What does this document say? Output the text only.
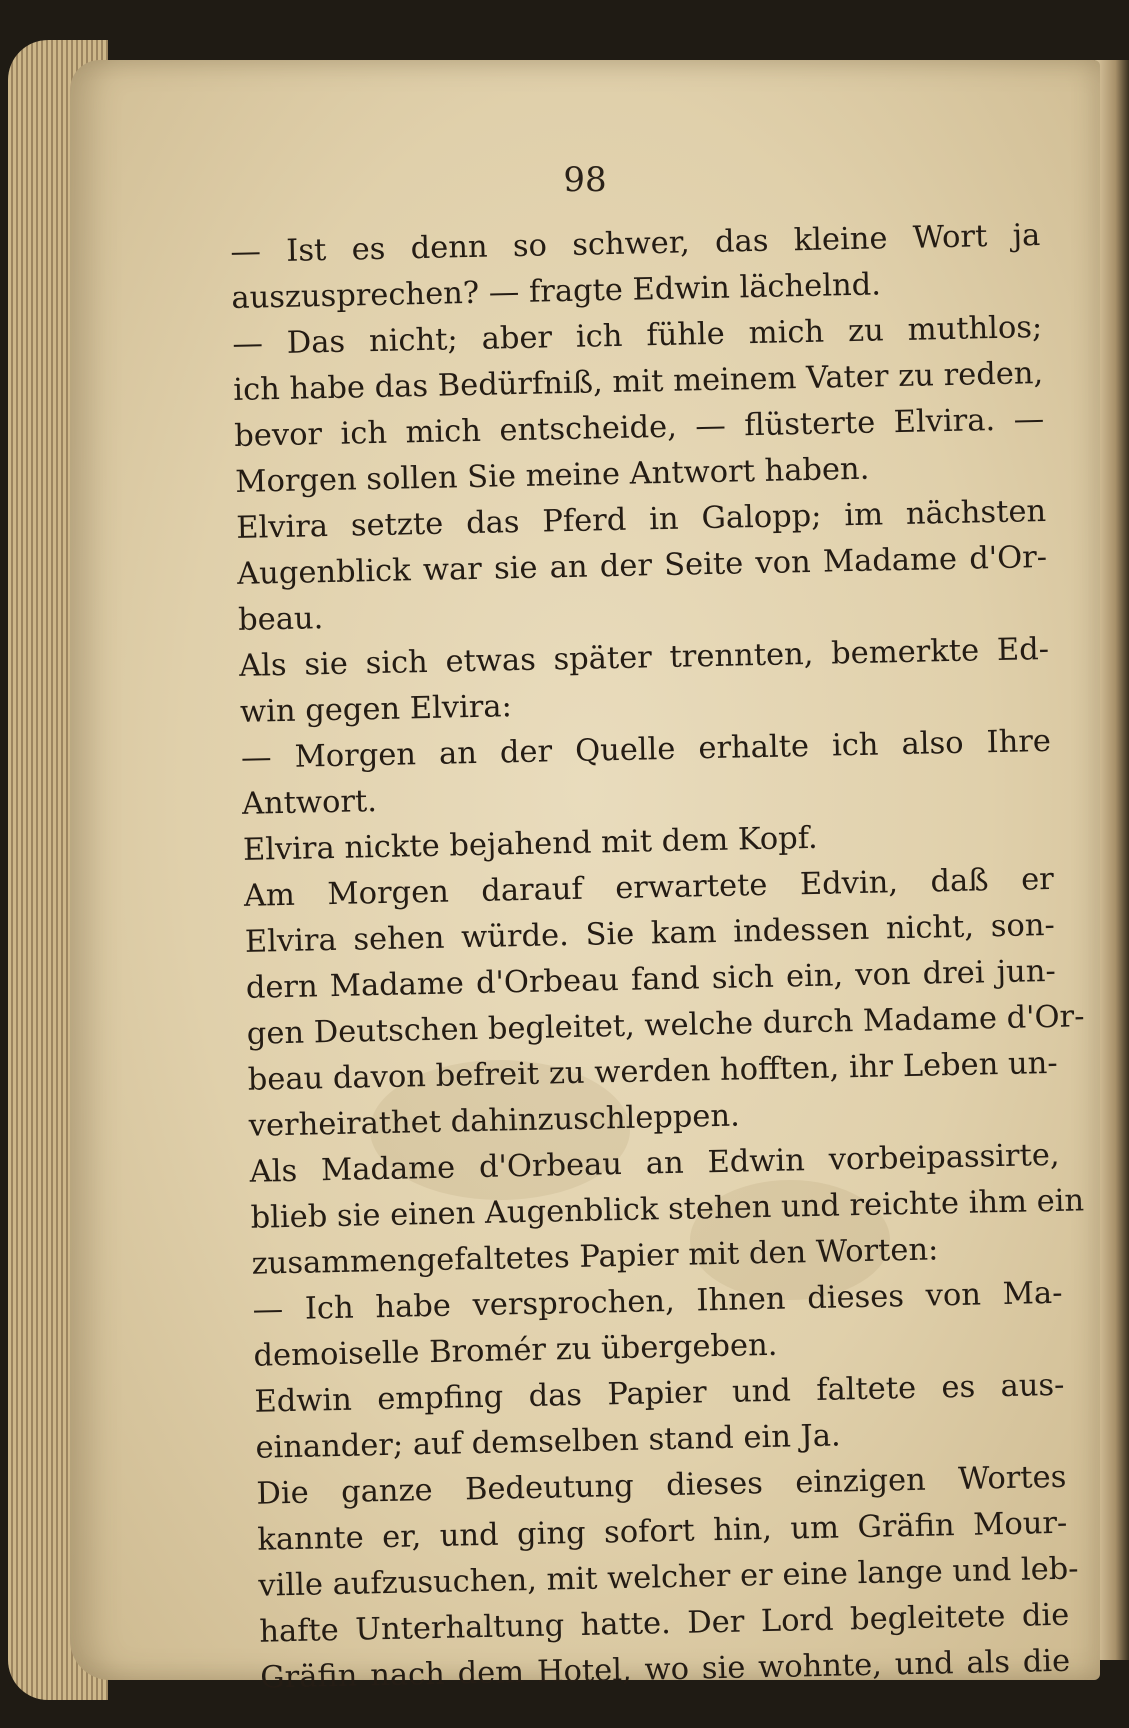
98
— Ist es denn so schwer, das kleine Wort ja
auszusprechen? — fragte Edwin lächelnd.
— Das nicht; aber ich fühle mich zu muthlos;
ich habe das Bedürfniß, mit meinem Vater zu reden,
bevor ich mich entscheide, — flüsterte Elvira. —
Morgen sollen Sie meine Antwort haben.
Elvira setzte das Pferd in Galopp; im nächsten
Augenblick war sie an der Seite von Madame d'Or-
beau.
Als sie sich etwas später trennten, bemerkte Ed-
win gegen Elvira:
— Morgen an der Quelle erhalte ich also Ihre
Antwort.
Elvira nickte bejahend mit dem Kopf.
Am Morgen darauf erwartete Edvin, daß er
Elvira sehen würde. Sie kam indessen nicht, son-
dern Madame d'Orbeau fand sich ein, von drei jun-
gen Deutschen begleitet, welche durch Madame d'Or-
beau davon befreit zu werden hofften, ihr Leben un-
verheirathet dahinzuschleppen.
Als Madame d'Orbeau an Edwin vorbeipassirte,
blieb sie einen Augenblick stehen und reichte ihm ein
zusammengefaltetes Papier mit den Worten:
— Ich habe versprochen, Ihnen dieses von Ma-
demoiselle Bromér zu übergeben.
Edwin empfing das Papier und faltete es aus-
einander; auf demselben stand ein Ja.
Die ganze Bedeutung dieses einzigen Wortes
kannte er, und ging sofort hin, um Gräfin Mour-
ville aufzusuchen, mit welcher er eine lange und leb-
hafte Unterhaltung hatte. Der Lord begleitete die
Gräfin nach dem Hotel, wo sie wohnte, und als die
